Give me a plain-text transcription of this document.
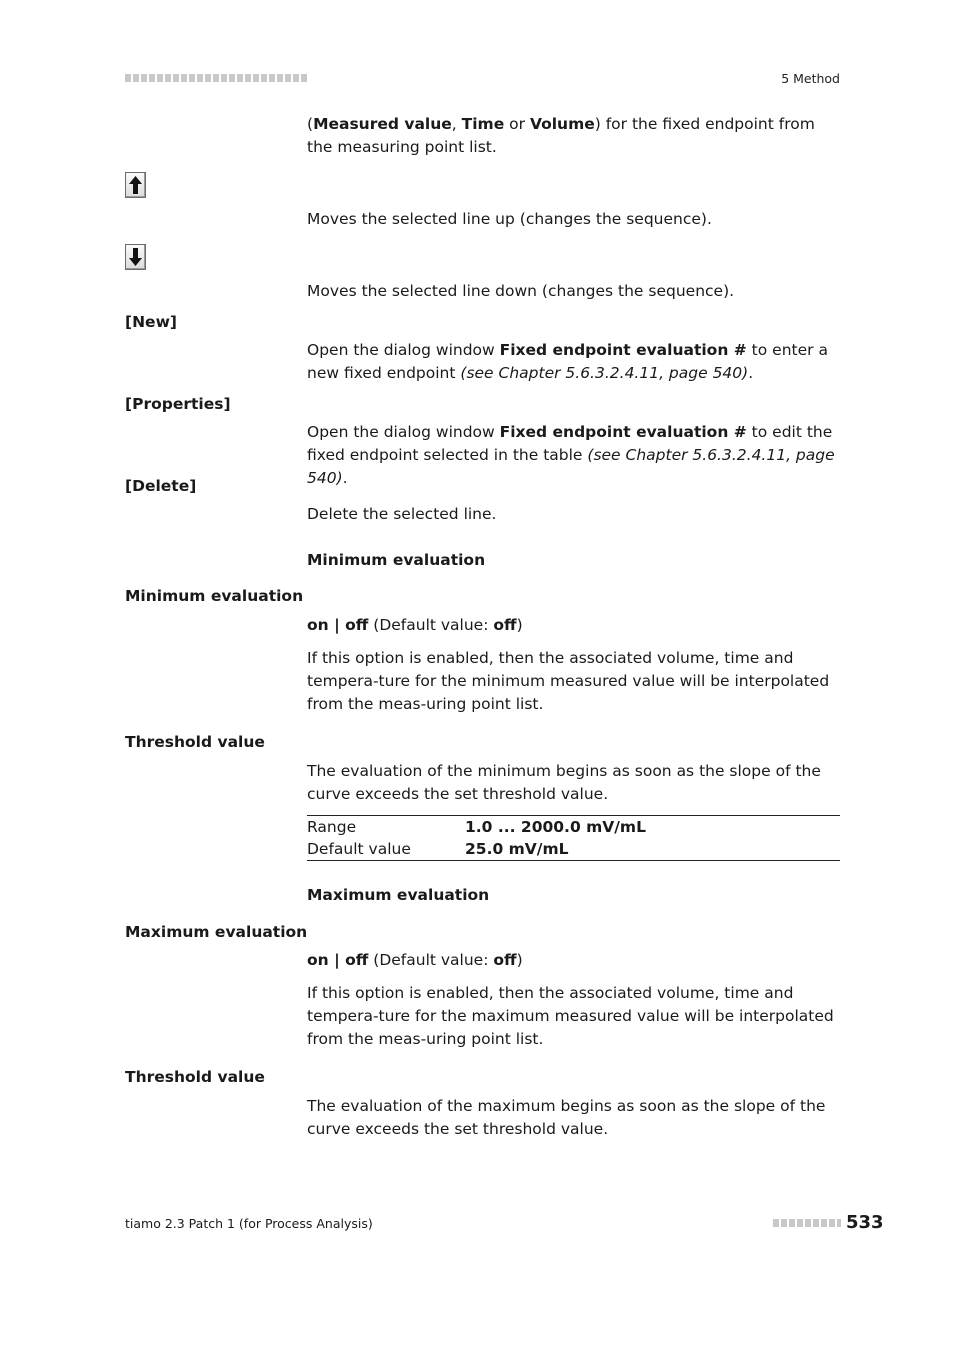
5 Method
(Measured value, Time or Volume) for the fixed endpoint from the measuring point list.
Moves the selected line up (changes the sequence).
Moves the selected line down (changes the sequence).
[New]
Open the dialog window Fixed endpoint evaluation # to enter a new fixed endpoint (see Chapter 5.6.3.2.4.11, page 540).
[Properties]
Open the dialog window Fixed endpoint evaluation # to edit the fixed endpoint selected in the table (see Chapter 5.6.3.2.4.11, page 540).
[Delete]
Delete the selected line.
Minimum evaluation
Minimum evaluation
on | off (Default value: off)
If this option is enabled, then the associated volume, time and tempera-ture for the minimum measured value will be interpolated from the meas-uring point list.
Threshold value
The evaluation of the minimum begins as soon as the slope of the curve exceeds the set threshold value.
Range	1.0 ... 2000.0 mV/mL
Default value	25.0 mV/mL
Maximum evaluation
Maximum evaluation
on | off (Default value: off)
If this option is enabled, then the associated volume, time and tempera-ture for the maximum measured value will be interpolated from the meas-uring point list.
Threshold value
The evaluation of the maximum begins as soon as the slope of the curve exceeds the set threshold value.
tiamo 2.3 Patch 1 (for Process Analysis)	533
